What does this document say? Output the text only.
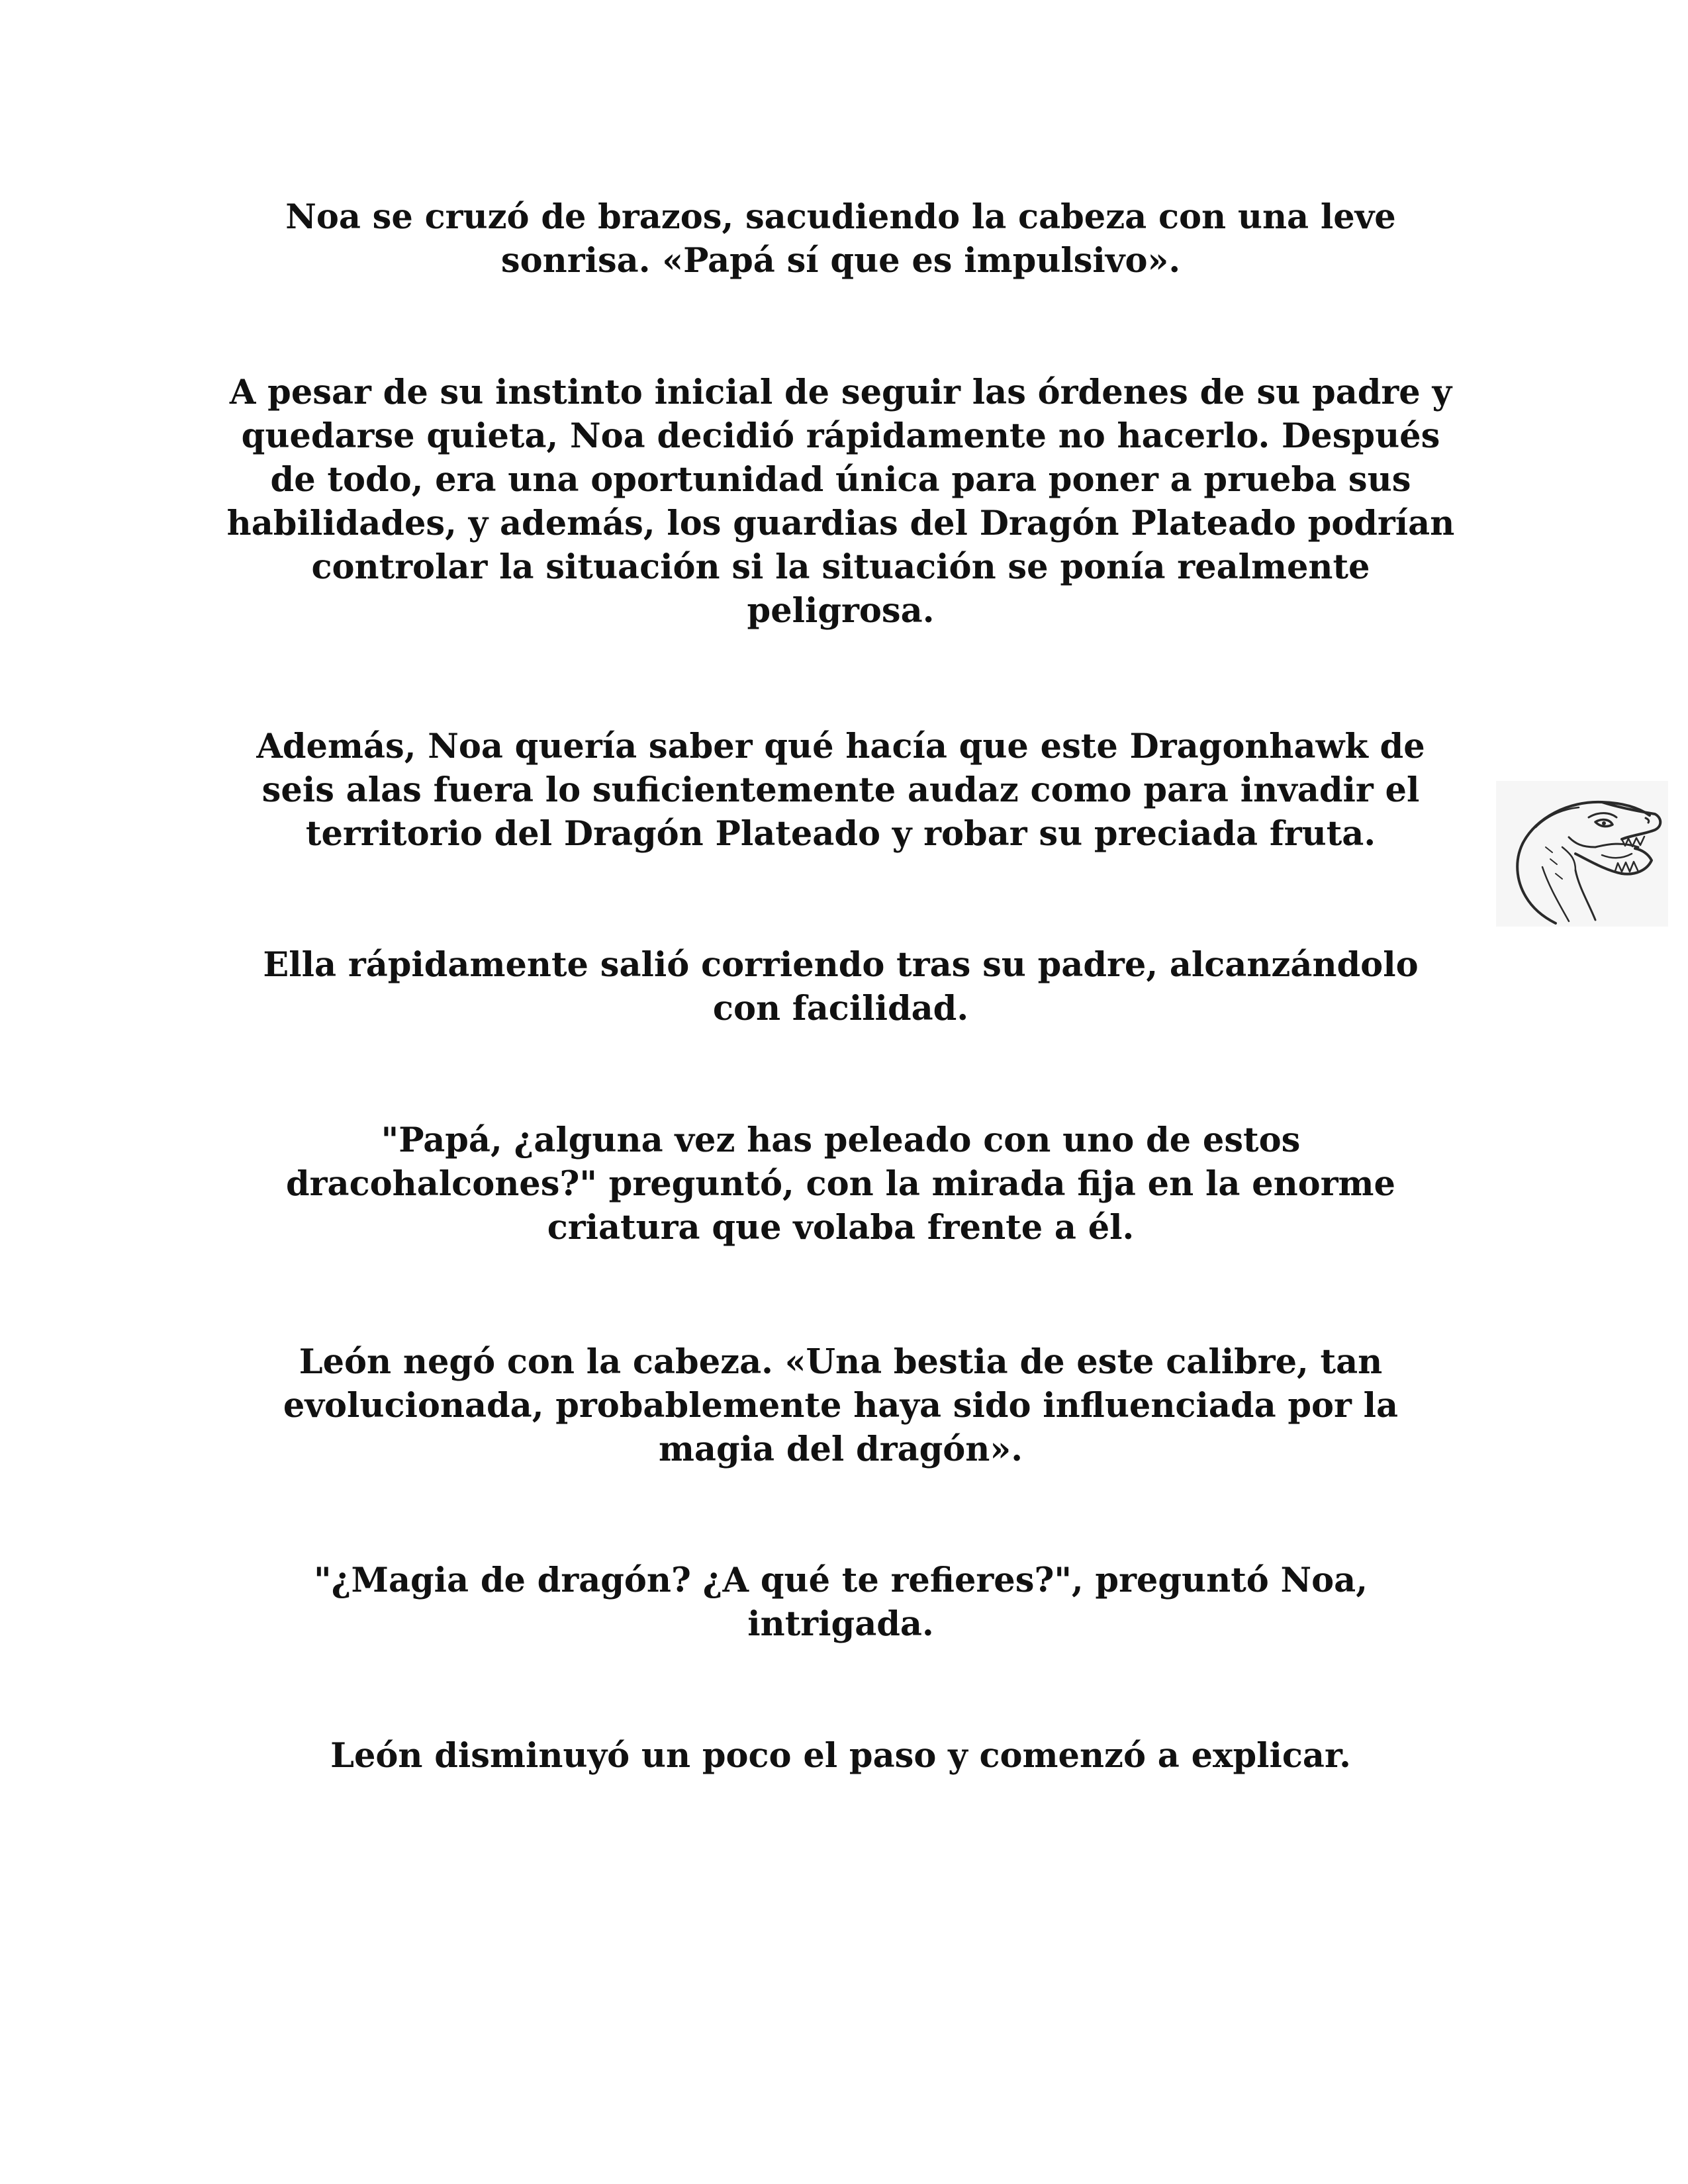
Noa se cruzó de brazos, sacudiendo la cabeza con una leve sonrisa. «Papá sí que es impulsivo».

A pesar de su instinto inicial de seguir las órdenes de su padre y quedarse quieta, Noa decidió rápidamente no hacerlo. Después de todo, era una oportunidad única para poner a prueba sus habilidades, y además, los guardias del Dragón Plateado podrían controlar la situación si la situación se ponía realmente peligrosa.

Además, Noa quería saber qué hacía que este Dragonhawk de seis alas fuera lo suficientemente audaz como para invadir el territorio del Dragón Plateado y robar su preciada fruta.

Ella rápidamente salió corriendo tras su padre, alcanzándolo con facilidad.

"Papá, ¿alguna vez has peleado con uno de estos dracohalcones?" preguntó, con la mirada fija en la enorme criatura que volaba frente a él.

León negó con la cabeza. «Una bestia de este calibre, tan evolucionada, probablemente haya sido influenciada por la magia del dragón».

"¿Magia de dragón? ¿A qué te refieres?", preguntó Noa, intrigada.

León disminuyó un poco el paso y comenzó a explicar.
